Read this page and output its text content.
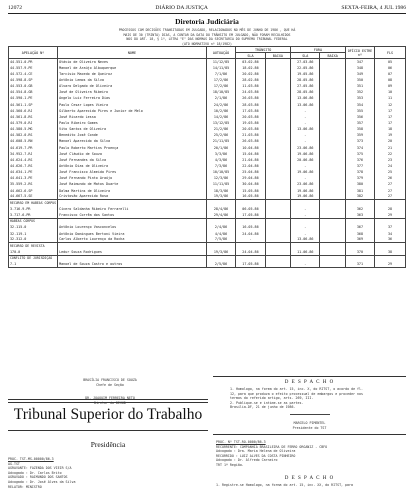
12072	DIÁRIO DA JUSTIÇA	SEXTA-FEIRA, 4 JUL 1986
Diretoria Judiciária
PROCESSOS COM DECISÕES TRANSITADAS EM JULGADO, RELACIONADOS NO MÊS DE JUNHO DE 1986 , QUE HÁ
MAIS DE 30 (TRINTA) DIAS, A CONTAR DA DATA DO TRÂNSITO EM JULGADO, NÃO FORAM RECOLHIDOS
NOS DO ART. 18, § 1º, LETRA "E" DAS NORMAS DA SECRETARIA DO SUPREMO TRIBUNAL FEDERAL
(ATO NORMATIVO nº 18/1982)
APELAÇÃO Nº	NOME	AUTUAÇÃO	TRÂNSITO		FORA		OFÍCIO ESTRE nº	FLS
			SLA	BAIXA	SLA	BAIXA		
44.551-0-PR	Otávio de Oliveira Neves	11/12/85	03-02-86		27-03-86		347	05
44.557-9-PE	Manoel de Araújo Albuquerque	14/11/85	18-02-86		22-05-86		348	06
44.572-4-CE	Tarcísio Macedo de Queiroz	7/1/86	20-02-86		19-05-86		349	07
44.598-8-SP	Antônio Lemos da Silva	17/2/86	28-02-86		28-05-86		350	08
44.553-0-GB	Alvaro Delgado de Oliveira	17/2/86	11-03-86		27-05-86		351	09
44.554-8-GB	José de Oliveira Ribeiro	18/10/85	24-03-86		28-05-86		352	10
44.590-1-PE	Angelo Luiz Ferreira Dias	2/1/86	26-03-86		13-06-86		353	11
44.561-1-SP	Paulo Cesar Lopes Vieira	24/2/86	28-03-86		13-06-86		354	12
44.560-6-RJ	Gilberto Aparecido Pires e Junior de Melo	10/2/86	17-03-86		-		355	17
44.561-8-RS	José Ricardo Lessa	14/2/86	20-03-86		-		356	17
44.579-0-RJ	Paulo Ribeiro Gomes	13/12/85	19-03-86		-		357	17
44.580-5-MG	Vito Santos de Oliveira	21/2/86	20-03-86		13-06-86		358	18
44.582-0-RS	Benedito José Conde	25/2/86	21-03-86		-		359	19
44.608-5-RN	Manoel Aparecido da Silva	21/11/85	26-03-86		-		373	20
44.619-7-PR	Paulo Roberto Martins Proença	20/1/86	10-04-86		23-06-86		374	21
34.952-7-RJ	José Cláudio de Souza	3/3/86	15-04-86		19-06-86		375	22
44.624-4-RS	José Fernandes da Silva	4/3/86	21-04-86		20-06-86		376	23
44.626-7-RS	Antônio Dias de Oliveira	7/3/86	22-04-86		-		377	24
44.634-1-PE	José Francisco Almeida Pires	10/10/85	25-04-86		19-06-86		378	25
44.641-3-PE	José Fernando Pinto Araújo	12/3/86	29-04-86		-		379	26
35.559-2-RS	José Raimundo de Matos Duarte	11/11/85	30-04-86		23-06-86		380	27
44.662-6-SP	Dalma Martins de Oliveira	18/3/86	15-05-86		19-06-86		381	27
44.667-5-SE	Cristovão Aparecido Rosa	19/3/86	16-05-86		19-06-86		382	27
RECURSO EM HABEAS CORPUS								
3.716-9-PR	Cícero Saldanha Ribeiro Ferrarelli	28/4/86	06-05-86		-		362	28
3.717-6-PR	Francisco Corrêa dos Santos	29/4/86	17-05-86		-		363	29
HABEAS CORPUS								
32.115-0	Antônio Lourenço Vasconcelos	2/4/86	16-05-86		-		367	37
32.119-1	Antônio Domingues Bertoni Vieira	4/4/86	24-04-86		-		368	34
32.312-0	Carlos Alberto Lourenço da Rocha	7/5/86	-		13-06-86		369	36
RECURSO DE REVISTA								
170-0	Ledur Souza Rodrigues	19/3/86	24-04-86		11-06-86		370	38
CONFLITO DE JURISDIÇÃO								
7-1	Manoel de Souza Castro e outros	2/5/86	17-05-86		-		371	29
BRASÍLIA FRANCISCO DE SOUZA
Chefe de Seção
DR. JOAQUIM FERREIRA NETO
Diretor da DIJUD
Tribunal Superior do Trabalho
Presidência
PROC. TST-MS-00000/86.3
AG-TST
AGRAVANTE: FAZENDA DOS VIEIR S/A
Advogado : Dr. Carlos Brito
AGRAVADO : RAIMUNDO DOS SANTOS
Advogado : Dr. José Alves da Silva
RELATOR: MINISTRO
D E S P A C H O
1. Homologo, na forma do art. 15, inc. X, do RITST, o acordo de fl.
12, para que produza o efeito processual de embargos e proceder nos
termos do referido artigo, arts. 269, III.
2. Publique-se e intime-se as partes.
Brasília-DF, 21 de junho de 1986.
MARCELO PIMENTEL
Presidente do TST
PROC. Nº TST-RO-0000/86.3
RECORRENTE: COMPANHIA BRASILEIRA DE FERRO ORGANIZ - CBFO
Advogado : Dra. Maria Helena de Oliveira
RECORRIDO : LUIZ ALVES DA COSTA PINHEIRO
Advogado : Dr. Alfredo Carneiro
TRT 1ª Região.
D E S P A C H O
1. Registre-se Homologo, na forma do art. 15, inc. XX, do RITST, para
